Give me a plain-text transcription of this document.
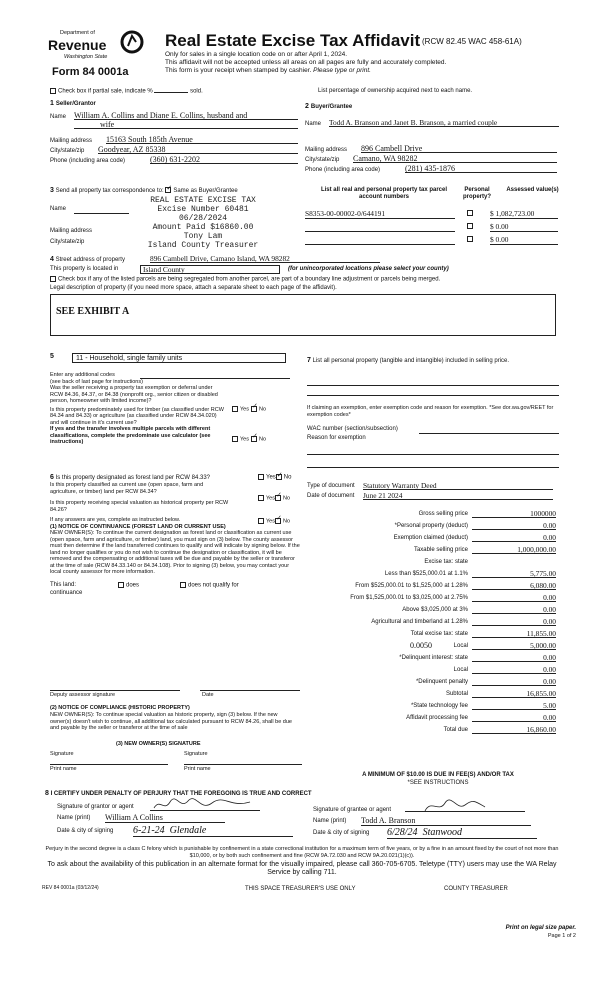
Department of
Revenue
Washington State
Form 84 0001a
Real Estate Excise Tax Affidavit (RCW 82.45 WAC 458-61A)
Only for sales in a single location code on or after April 1, 2024.
This affidavit will not be accepted unless all areas on all pages are fully and accurately completed.
This form is your receipt when stamped by cashier. Please type or print.
Check box if partial sale, indicate %	sold.	List percentage of ownership acquired next to each name.
1 Seller/Grantor
Name William A. Collins and Diane E. Collins, husband and
wife
Mailing address 15163 South 185th Avenue
City/state/zip Goodyear, AZ 85338
Phone (including area code)	(360) 631-2202
2 Buyer/Grantee
Name Todd A. Branson and Janet B. Branson, a married couple
Mailing address 896 Cambell Drive
City/state/zip Camano, WA 98282
Phone (including area code)	(281) 435-1876
3 Send all property tax correspondence to: ✓ Same as Buyer/Grantee
Name
Mailing address
City/state/zip
REAL ESTATE EXCISE TAX
Excise Number 60481
06/28/2024
Amount Paid $16860.00
Tony Lam
Island County Treasurer
List all real and personal property tax parcel account numbers
Personal property?
Assessed value(s)
S8353-00-00002-0/644191	$ 1,082,723.00
$ 0.00
$ 0.00
4 Street address of property	896 Cambell Drive, Camano Island, WA 98282
This property is located in	Island County	(for unincorporated locations please select your county)
Check box if any of the listed parcels are being segregated from another parcel, are part of a boundary line adjustment or parcels being merged.
Legal description of property (if you need more space, attach a separate sheet to each page of the affidavit).
SEE EXHIBIT A
5	11 - Household, single family units
Enter any additional codes
(see back of last page for instructions)
Was the seller receiving a property tax exemption or deferral under RCW 84.36, 84.37, or 84.38 (nonprofit org., senior citizen or disabled person, homeowner with limited income)?
Yes ✓ No
Is this property predominately used for timber (as classified under RCW 84.34 and 84.33) or agriculture (as classified under RCW 84.34.020) and will continue in it's current use?
If yes and the transfer involves multiple parcels with different classifications, complete the predominate use calculator (see instructions)	Yes ✓ No
7 List all personal property (tangible and intangible) included in selling price.
If claiming an exemption, enter exemption code and reason for exemption. *See dor.wa.gov/REET for exemption codes*
WAC number (section/subsection)
Reason for exemption
6 Is this property designated as forest land per RCW 84.33?	Yes ✓ No
Is this property classified as current use (open space, farm and agriculture, or timber) land per RCW 84.34?
Yes ✓ No
Is this property receiving special valuation as historical property per RCW 84.26?
Yes ✓ No
If any answers are yes, complete as instructed below.
(1) NOTICE OF CONTINUANCE (FOREST LAND OR CURRENT USE)
NEW OWNER(S): To continue the current designation as forest land or classification as current use (open space, farm and agriculture, or timber) land, you must sign on (3) below. The county assessor must then determine if the land transferred continues to qualify and will indicate by signing below. If the land no longer qualifies or you do not wish to continue the designation or classification, it will be removed and the compensating or additional taxes will be due and payable by the seller or transferor at the time of sale (RCW 84.33.140 or 84.34.108). Prior to signing (3) below, you may contact your local county assessor for more information.
This land:	does	does not qualify for
continuance
Deputy assessor signature	Date
(2) NOTICE OF COMPLIANCE (HISTORIC PROPERTY)
NEW OWNER(S): To continue special valuation as historic property, sign (3) below. If the new owner(s) doesn't wish to continue, all additional tax calculated pursuant to RCW 84.26, shall be due and payable by the seller or transferor at the time of sale
(3) NEW OWNER(S) SIGNATURE
Signature	Signature
Print name	Print name
Type of document Statutory Warranty Deed
Date of document June 21 2024
Gross selling price	1000000
*Personal property (deduct)	0.00
Exemption claimed (deduct)	0.00
Taxable selling price	1,000,000.00
Excise tax: state
Less than $525,000.01 at 1.1%	5,775.00
From $525,000.01 to $1,525,000 at 1.28%	6,080.00
From $1,525,000.01 to $3,025,000 at 2.75%	0.00
Above $3,025,000 at 3%	0.00
Agricultural and timberland at 1.28%	0.00
Total excise tax: state	11,855.00
Local
0.0050	5,000.00
*Delinquent interest: state	0.00
Local	0.00
*Delinquent penalty	0.00
Subtotal	16,855.00
*State technology fee	5.00
Affidavit processing fee	0.00
Total due	16,860.00
A MINIMUM OF $10.00 IS DUE IN FEE(S) AND/OR TAX
*SEE INSTRUCTIONS
8 I CERTIFY UNDER PENALTY OF PERJURY THAT THE FOREGOING IS TRUE AND CORRECT
Signature of grantor or agent
Name (print) William A Collins
Date & city of signing 6-21-24 Glendale
Signature of grantee or agent
Name (print) Todd A. Branson
Date & city of signing 6/28/24 Stanwood
Perjury in the second degree is a class C felony which is punishable by confinement in a state correctional institution for a maximum term of five years, or by a fine in an amount fixed by the court of not more than $10,000, or by both such confinement and fine (RCW 9A.72.030 and RCW 9A.20.021(1)(c)).
To ask about the availability of this publication in an alternate format for the visually impaired, please call 360-705-6705. Teletype (TTY) users may use the WA Relay Service by calling 711.
REV 84 0001a (03/12/24)	THIS SPACE TREASURER'S USE ONLY	COUNTY TREASURER
Print on legal size paper.
Page 1 of 2
